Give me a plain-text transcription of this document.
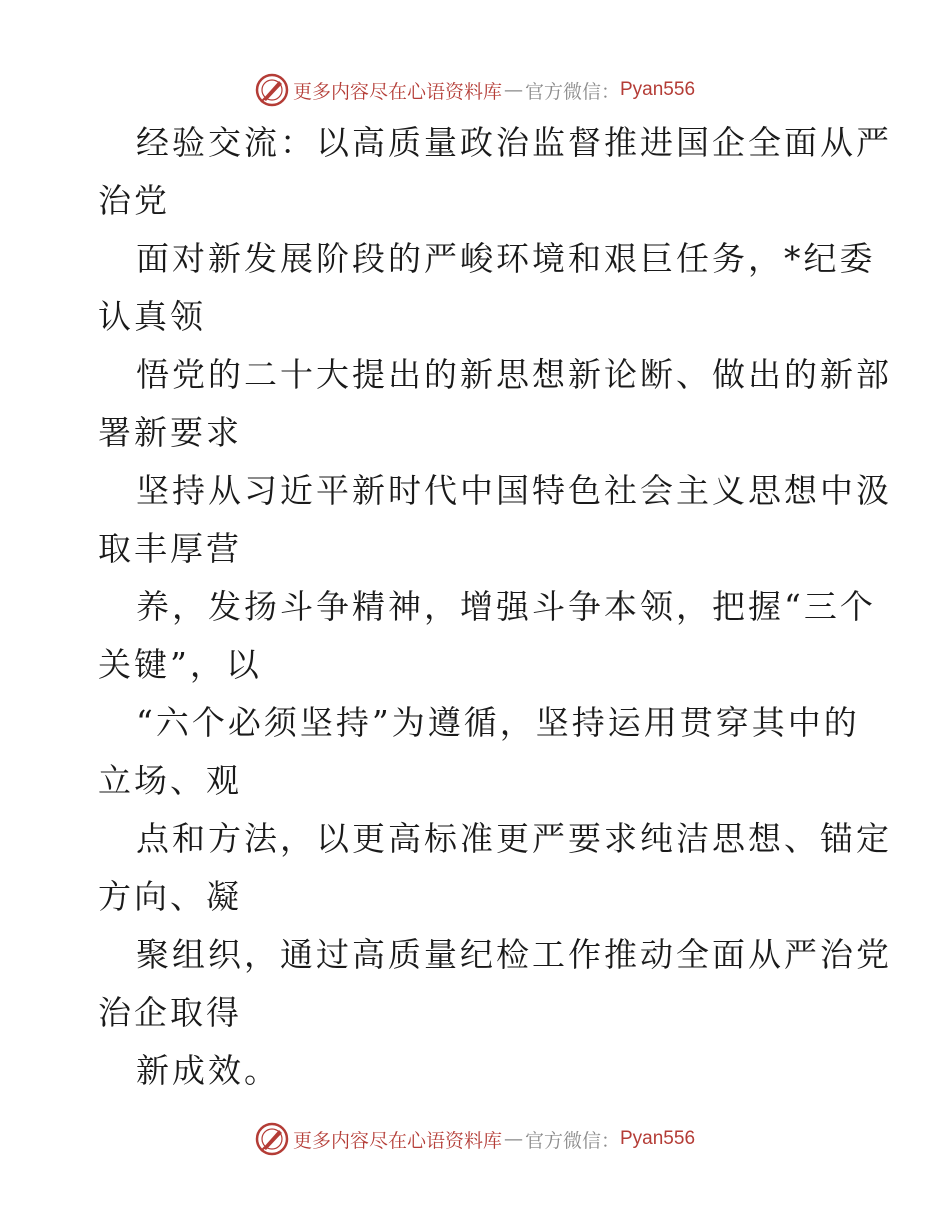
更多内容尽在心语资料库 — 官方微信： Pyan556

经验交流：以高质量政治监督推进国企全面从严
治党
面对新发展阶段的严峻环境和艰巨任务，*纪委
认真领
悟党的二十大提出的新思想新论断、做出的新部
署新要求
坚持从习近平新时代中国特色社会主义思想中汲
取丰厚营
养，发扬斗争精神，增强斗争本领，把握“三个
关键”，以
“六个必须坚持”为遵循，坚持运用贯穿其中的
立场、观
点和方法，以更高标准更严要求纯洁思想、锚定
方向、凝
聚组织，通过高质量纪检工作推动全面从严治党
治企取得
新成效。

更多内容尽在心语资料库 — 官方微信： Pyan556
